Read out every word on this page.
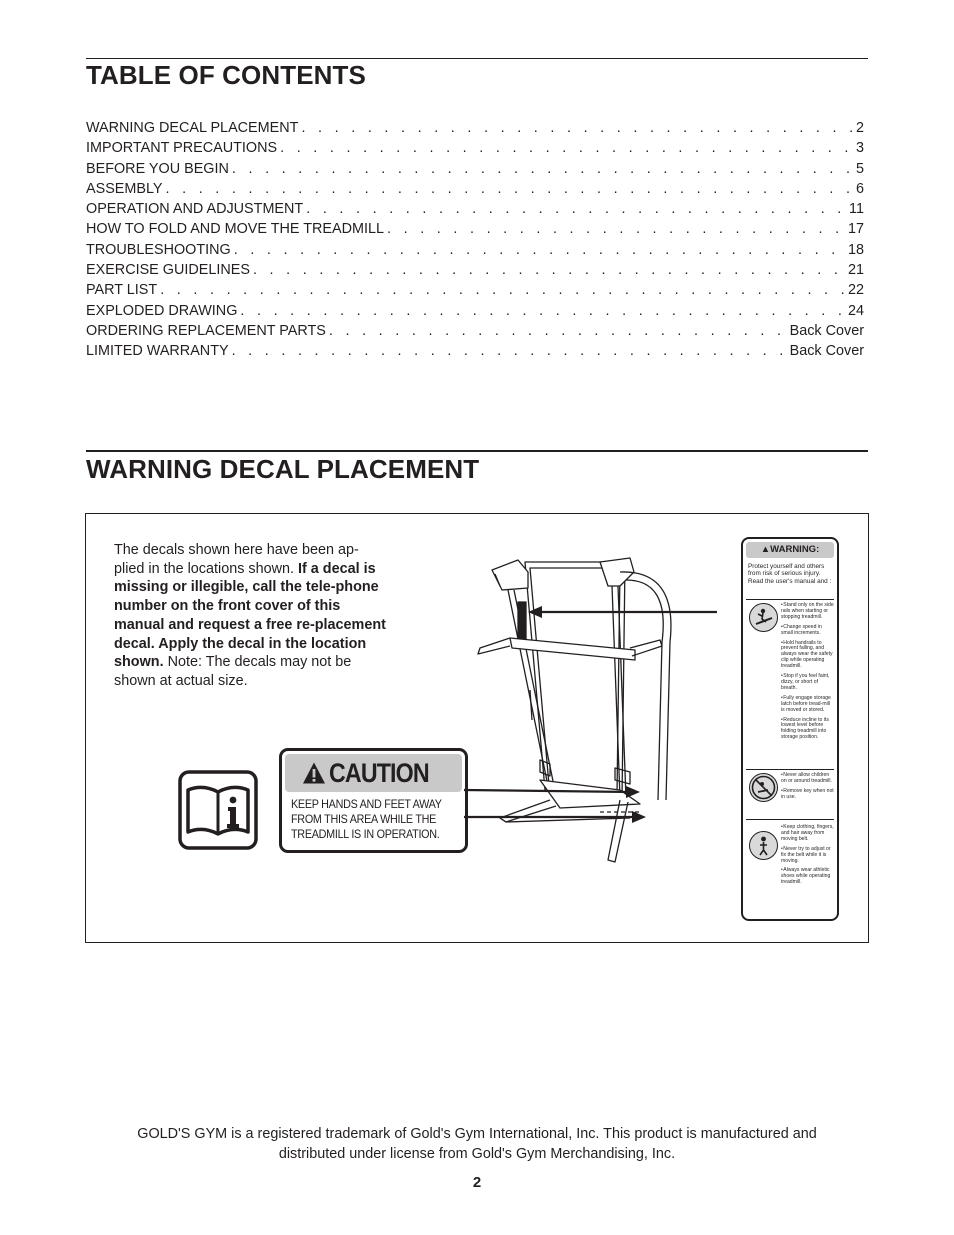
TABLE OF CONTENTS
WARNING DECAL PLACEMENT . . .	2
IMPORTANT PRECAUTIONS . . .	3
BEFORE YOU BEGIN . . .	5
ASSEMBLY . . .	6
OPERATION AND ADJUSTMENT . . .	11
HOW TO FOLD AND MOVE THE TREADMILL . . .	17
TROUBLESHOOTING . . .	18
EXERCISE GUIDELINES . . .	21
PART LIST . . .	22
EXPLODED DRAWING . . .	24
ORDERING REPLACEMENT PARTS . . .	Back Cover
LIMITED WARRANTY . . .	Back Cover
WARNING DECAL PLACEMENT

The decals shown here have been ap-plied in the locations shown. If a decal is missing or illegible, call the tele-phone number on the front cover of this manual and request a free re-placement decal. Apply the decal in the location shown. Note: The decals may not be shown at actual size.

CAUTION

KEEP HANDS AND FEET AWAY
FROM THIS AREA WHILE THE
TREADMILL IS IN OPERATION.

▲WARNING:

Protect yourself and others from risk of serious injury. Read the user's manual and :

• Stand only on the side rails when starting or stopping treadmill.
• Change speed in small increments.
• Hold handrails to prevent falling, and always wear the safety clip while operating treadmill.
• Stop if you feel faint, dizzy, or short of breath.
• Fully engage storage latch before tread-mill is moved or stored.
• Reduce incline to its lowest level before folding treadmill into storage position.
• Never allow children on or around treadmill.
• Remove key when not in use.
• Keep clothing, fingers, and hair away from moving belt.
• Never try to adjust or fix the belt while it is moving.
• Always wear athletic shoes while operating treadmill.

GOLD'S GYM is a registered trademark of Gold's Gym International, Inc. This product is manufactured and
distributed under license from Gold's Gym Merchandising, Inc.

2
